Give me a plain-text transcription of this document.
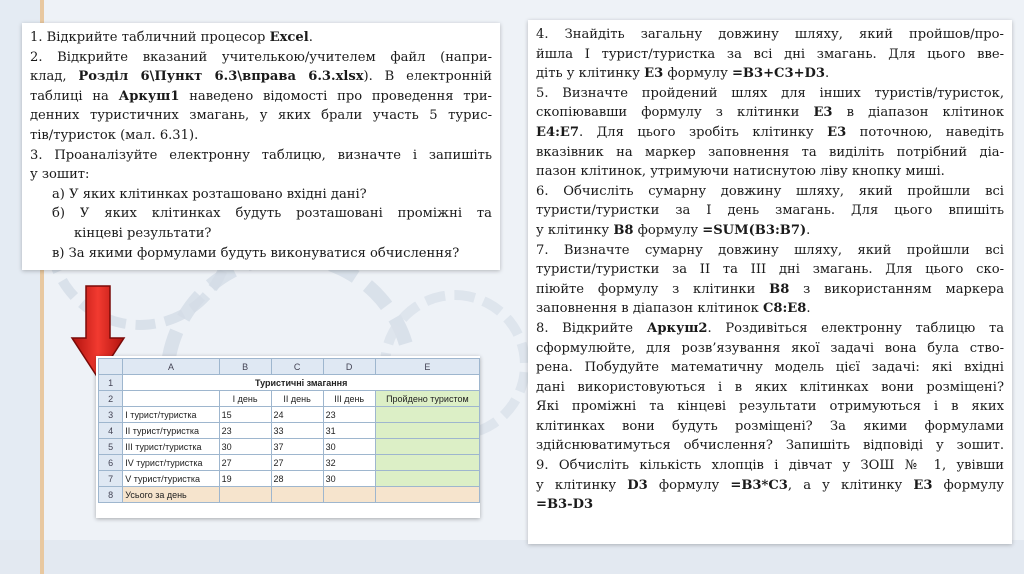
1. Відкрийте табличний процесор Excel.
2. Відкрийте вказаний учителькою/учителем файл (напри-
клад, Розділ 6\Пункт 6.3\вправа 6.3.xlsx). В електронній
таблиці на Аркуш1 наведено відомості про проведення три-
денних туристичних змагань, у яких брали участь 5 турис-
тів/туристок (мал. 6.31).
3. Проаналізуйте електронну таблицю, визначте і запишіть
у зошит:
а) У яких клітинках розташовано вхідні дані?
б) У яких клітинках будуть розташовані проміжні та
кінцеві результати?
в) За якими формулами будуть виконуватися обчислення?
4. Знайдіть загальну довжину шляху, який пройшов/про-
йшла І турист/туристка за всі дні змагань. Для цього вве-
діть у клітинку E3 формулу =B3+C3+D3.
5. Визначте пройдений шлях для інших туристів/туристок,
скопіювавши формулу з клітинки E3 в діапазон клітинок
E4:E7. Для цього зробіть клітинку E3 поточною, наведіть
вказівник на маркер заповнення та виділіть потрібний діа-
пазон клітинок, утримуючи натиснутою ліву кнопку миші.
6. Обчисліть сумарну довжину шляху, який пройшли всі
туристи/туристки за І день змагань. Для цього впишіть
у клітинку B8 формулу =SUM(B3:B7).
7. Визначте сумарну довжину шляху, який пройшли всі
туристи/туристки за ІІ та ІІІ дні змагань. Для цього ско-
піюйте формулу з клітинки B8 з використанням маркера
заповнення в діапазон клітинок C8:E8.
8. Відкрийте Аркуш2. Роздивіться електронну таблицю та
сформулюйте, для розв’язування якої задачі вона була ство-
рена. Побудуйте математичну модель цієї задачі: які вхідні
дані використовуються і в яких клітинках вони розміщені?
Які проміжні та кінцеві результати отримуються і в яких
клітинках вони будуть розміщені? За якими формулами
здійснюватимуться обчислення? Запишіть відповіді у зошит.
9. Обчисліть кількість хлопців і дівчат у ЗОШ № 1, увівши
у клітинку D3 формулу =B3*C3, а у клітинку E3 формулу
=B3-D3
	A	B	C	D	E
1	Туристичні змагання				
2		І день	ІІ день	ІІІ день	Пройдено туристом
3	І турист/туристка	15	24	23	
4	ІІ турист/туристка	23	33	31	
5	ІІІ турист/туристка	30	37	30	
6	IV турист/туристка	27	27	32	
7	V турист/туристка	19	28	30	
8	Усього за день				
